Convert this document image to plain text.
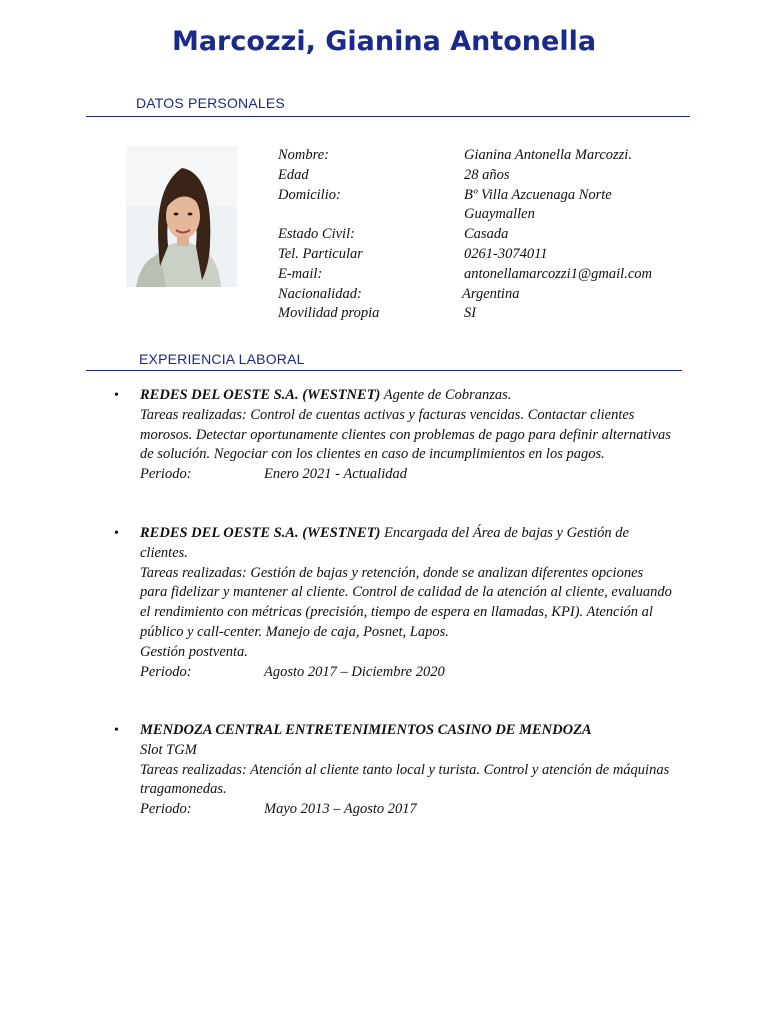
Marcozzi, Gianina Antonella
DATOS PERSONALES
Nombre:	Gianina Antonella Marcozzi.
Edad	28 años
Domicilio:	Bº Villa Azcuenaga Norte
Guaymallen
Estado Civil:	Casada
Tel. Particular	0261-3074011
E-mail:	antonellamarcozzi1@gmail.com
Nacionalidad:	Argentina
Movilidad propia	SI
EXPERIENCIA LABORAL
• REDES DEL OESTE S.A. (WESTNET) Agente de Cobranzas.
Tareas realizadas: Control de cuentas activas y facturas vencidas. Contactar clientes morosos. Detectar oportunamente clientes con problemas de pago para definir alternativas de solución. Negociar con los clientes en caso de incumplimientos en los pagos.
Periodo:	Enero 2021 - Actualidad
• REDES DEL OESTE S.A. (WESTNET) Encargada del Área de bajas y Gestión de clientes.
Tareas realizadas: Gestión de bajas y retención, donde se analizan diferentes opciones para fidelizar y mantener al cliente. Control de calidad de la atención al cliente, evaluando el rendimiento con métricas (precisión, tiempo de espera en llamadas, KPI). Atención al público y call-center. Manejo de caja, Posnet, Lapos.
Gestión postventa.
Periodo:	Agosto 2017 – Diciembre 2020
• MENDOZA CENTRAL ENTRETENIMIENTOS CASINO DE MENDOZA
Slot TGM
Tareas realizadas: Atención al cliente tanto local y turista. Control y atención de máquinas tragamonedas.
Periodo:	Mayo 2013 – Agosto 2017
